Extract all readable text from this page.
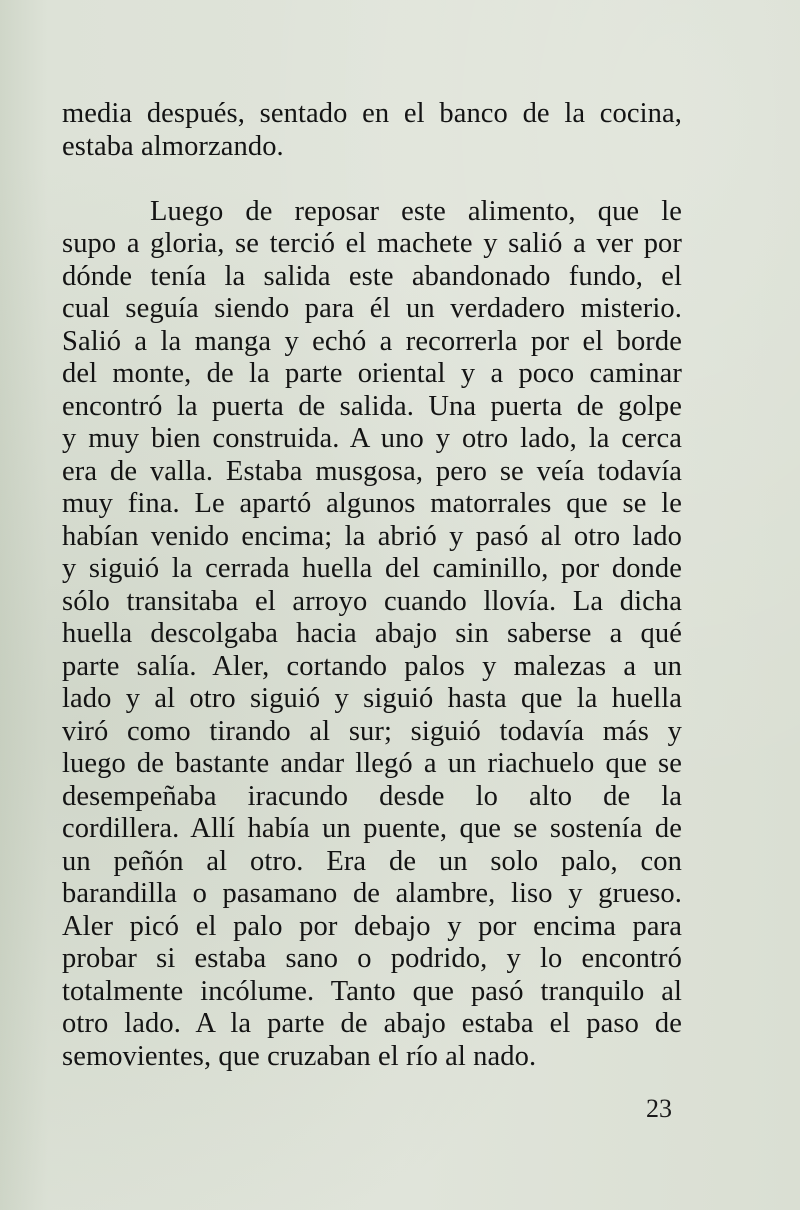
media después, sentado en el banco de la cocina,
estaba almorzando.
Luego de reposar este alimento, que le
supo a gloria, se terció el machete y salió a ver por
dónde tenía la salida este abandonado fundo, el
cual seguía siendo para él un verdadero misterio.
Salió a la manga y echó a recorrerla por el borde
del monte, de la parte oriental y a poco caminar
encontró la puerta de salida. Una puerta de golpe
y muy bien construida. A uno y otro lado, la cerca
era de valla. Estaba musgosa, pero se veía todavía
muy fina. Le apartó algunos matorrales que se le
habían venido encima; la abrió y pasó al otro lado
y siguió la cerrada huella del caminillo, por donde
sólo transitaba el arroyo cuando llovía. La dicha
huella descolgaba hacia abajo sin saberse a qué
parte salía. Aler, cortando palos y malezas a un
lado y al otro siguió y siguió hasta que la huella
viró como tirando al sur; siguió todavía más y
luego de bastante andar llegó a un riachuelo que se
desempeñaba iracundo desde lo alto de la
cordillera. Allí había un puente, que se sostenía de
un peñón al otro. Era de un solo palo, con
barandilla o pasamano de alambre, liso y grueso.
Aler picó el palo por debajo y por encima para
probar si estaba sano o podrido, y lo encontró
totalmente incólume. Tanto que pasó tranquilo al
otro lado. A la parte de abajo estaba el paso de
semovientes, que cruzaban el río al nado.
23
